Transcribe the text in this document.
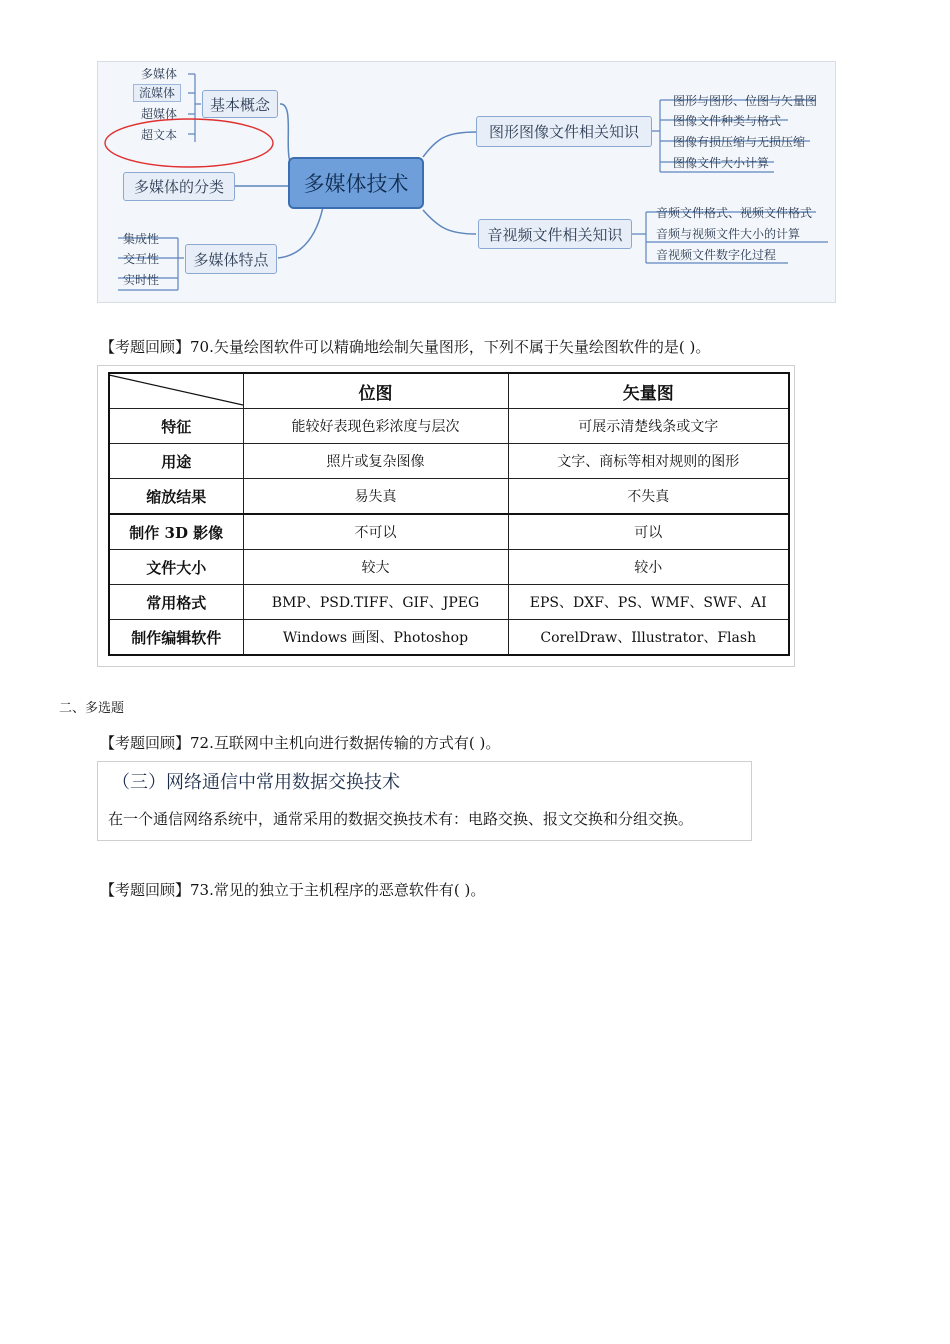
多媒体
流媒体
超媒体
超文本
基本概念
多媒体的分类
集成性
交互性
实时性
多媒体特点
多媒体技术
图形图像文件相关知识
图形与图形、位图与矢量图
图像文件种类与格式
图像有损压缩与无损压缩
图像文件大小计算
音视频文件相关知识
音频文件格式、视频文件格式
音频与视频文件大小的计算
音视频文件数字化过程
【考题回顾】70.矢量绘图软件可以精确地绘制矢量图形，下列不属于矢量绘图软件的是( )。
	位图	矢量图
特征	能较好表现色彩浓度与层次	可展示清楚线条或文字
用途	照片或复杂图像	文字、商标等相对规则的图形
缩放结果	易失真	不失真
制作 3D 影像	不可以	可以
文件大小	较大	较小
常用格式	BMP、PSD.TIFF、GIF、JPEG	EPS、DXF、PS、WMF、SWF、AI
制作编辑软件	Windows 画图、Photoshop	CorelDraw、Illustrator、Flash
二、多选题
【考题回顾】72.互联网中主机向进行数据传输的方式有( )。
（三）网络通信中常用数据交换技术
在一个通信网络系统中，通常采用的数据交换技术有：电路交换、报文交换和分组交换。
【考题回顾】73.常见的独立于主机程序的恶意软件有( )。
